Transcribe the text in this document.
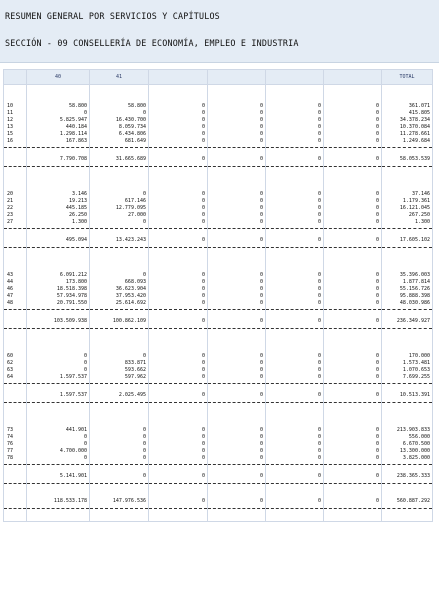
RESUMEN GENERAL POR SERVICIOS Y CAPÍTULOS
SECCIÓN - 09 CONSELLERÍA DE ECONOMÍA, EMPLEO E INDUSTRIA
	40	41					TOTAL

10	58.800	58.800	0	0	0	0	361.071
11	0	0	0	0	0	0	415.805
12	5.825.947	16.430.700	0	0	0	0	34.378.234
13	440.184	8.059.734	0	0	0	0	10.370.084
15	1.298.114	6.434.806	0	0	0	0	11.278.661
16	167.863	681.649	0	0	0	0	1.249.684

	7.790.708	31.665.689	0	0	0	0	58.053.539

20	3.146	0	0	0	0	0	37.146
21	19.213	617.146	0	0	0	0	1.179.361
22	445.185	12.779.095	0	0	0	0	16.121.045
23	26.250	27.000	0	0	0	0	267.250
27	1.300	0	0	0	0	0	1.300

	495.094	13.423.243	0	0	0	0	17.605.102

43	6.091.212	0	0	0	0	0	35.396.003
44	173.800	668.093	0	0	0	0	1.877.814
46	18.518.398	36.623.904	0	0	0	0	55.156.726
47	57.934.978	37.953.420	0	0	0	0	95.888.398
48	20.791.550	25.614.692	0	0	0	0	48.030.986

	103.509.938	100.862.109	0	0	0	0	236.349.927

60	0	0	0	0	0	0	170.000
62	0	833.871	0	0	0	0	1.573.481
63	0	593.662	0	0	0	0	1.070.653
64	1.597.537	597.962	0	0	0	0	7.699.255

	1.597.537	2.025.495	0	0	0	0	10.513.391

73	441.901	0	0	0	0	0	213.903.833
74	0	0	0	0	0	0	556.000
76	0	0	0	0	0	0	6.670.500
77	4.700.000	0	0	0	0	0	13.300.000
78	0	0	0	0	0	0	3.825.000

	5.141.901	0	0	0	0	0	238.365.333

	118.533.178	147.976.536	0	0	0	0	560.887.292
